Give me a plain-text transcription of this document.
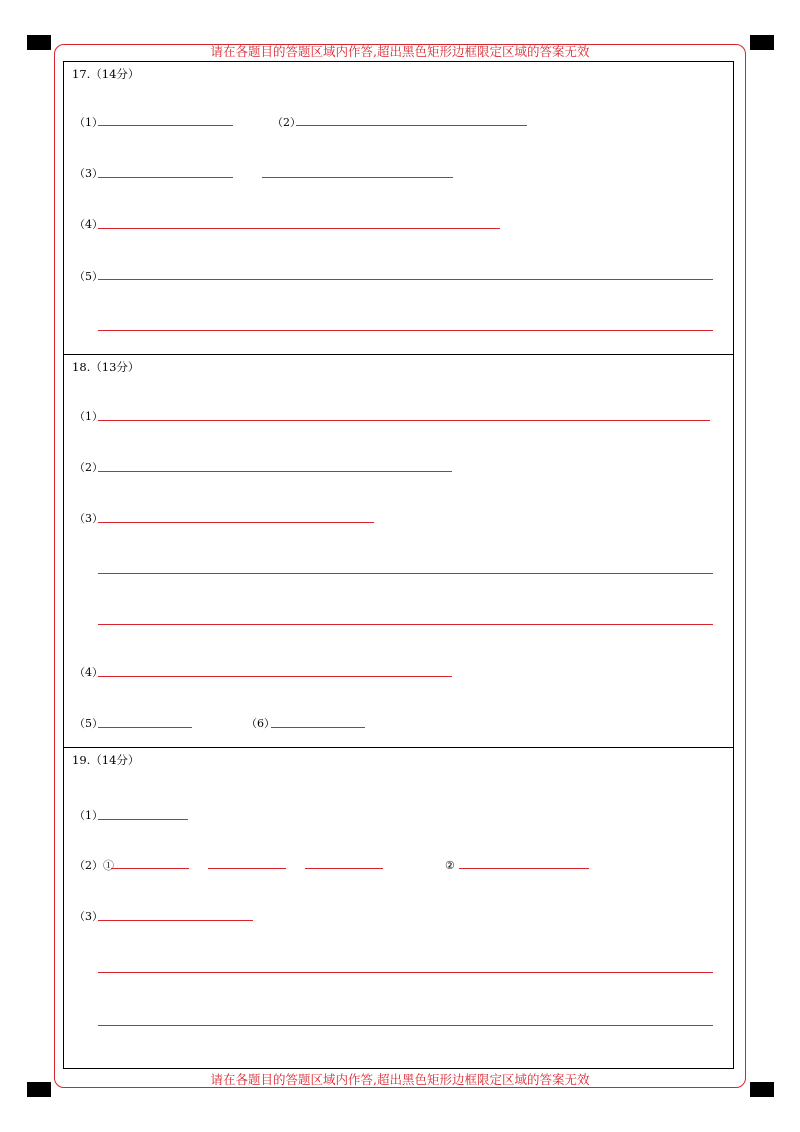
请在各题目的答题区域内作答,超出黑色矩形边框限定区域的答案无效
请在各题目的答题区域内作答,超出黑色矩形边框限定区域的答案无效
17.（14分）
（1）	（2）
（3）
（4）
（5）
18.（13分）
（1）
（2）
（3）
（4）
（5）	（6）
19.（14分）
（1）
（2）①	②
（3）
